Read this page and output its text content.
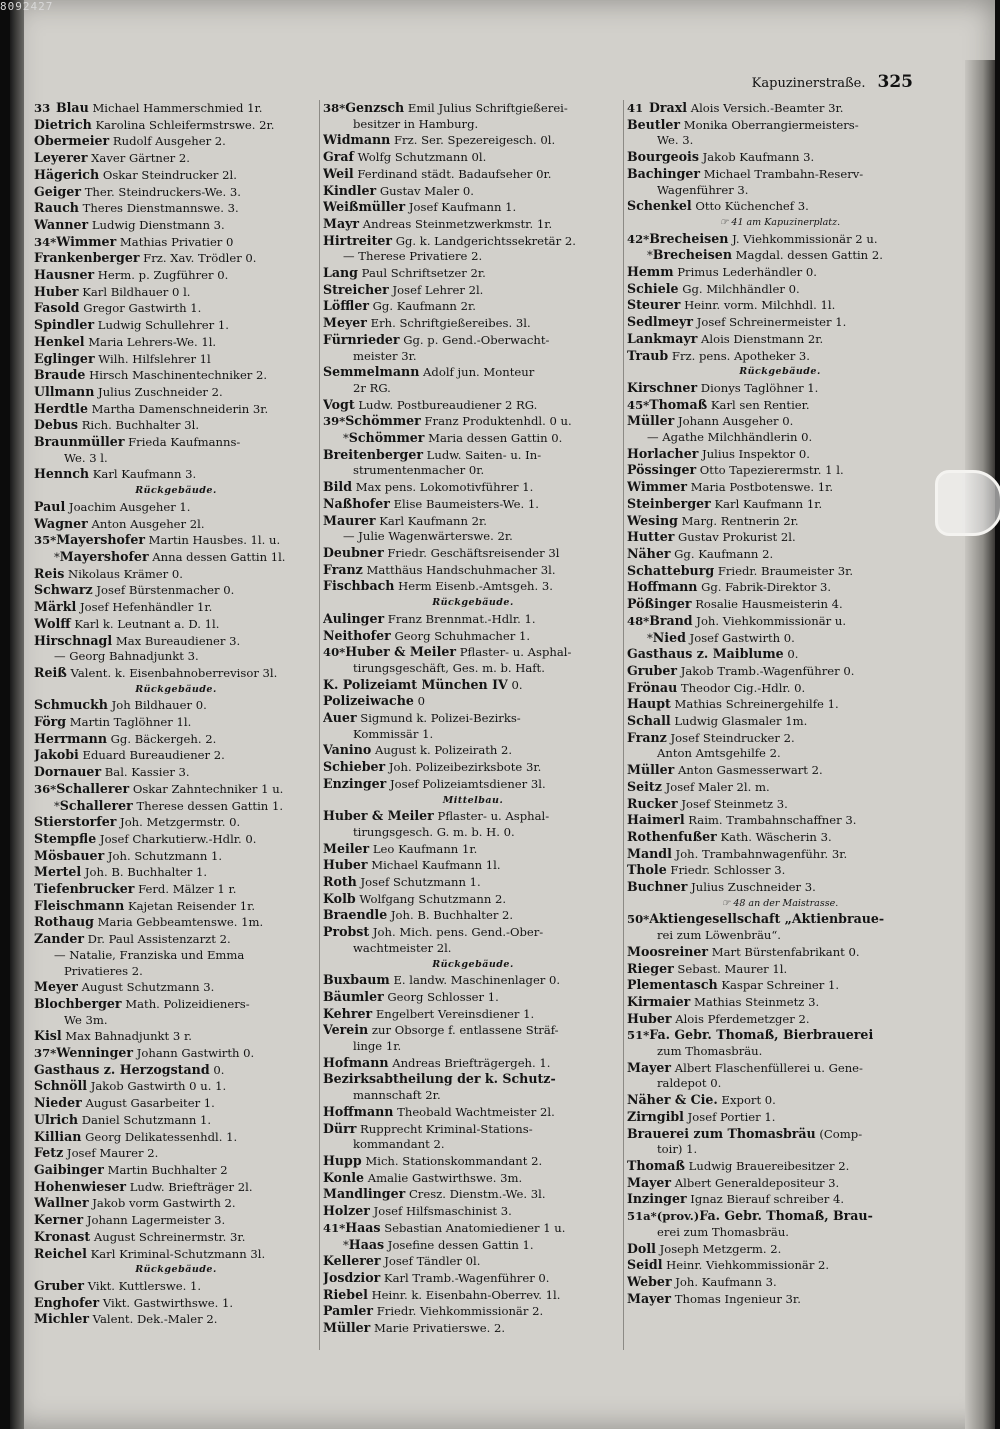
Kapuzinerstraße. 325
33 Blau Michael Hammerschmied 1r.
Dietrich Karolina Schleifermstrswe. 2r.
Obermeier Rudolf Ausgeher 2.
Leyerer Xaver Gärtner 2.
Hägerich Oskar Steindrucker 2l.
Geiger Ther. Steindruckers-We. 3.
Rauch Theres Dienstmannswe. 3.
Wanner Ludwig Dienstmann 3.
34*Wimmer Mathias Privatier 0
Frankenberger Frz. Xav. Trödler 0.
Hausner Herm. p. Zugführer 0.
Huber Karl Bildhauer 0 l.
Fasold Gregor Gastwirth 1.
Spindler Ludwig Schullehrer 1.
Henkel Maria Lehrers-We. 1l.
Eglinger Wilh. Hilfslehrer 1l
Braude Hirsch Maschinentechniker 2.
Ullmann Julius Zuschneider 2.
Herdtle Martha Damenschneiderin 3r.
Debus Rich. Buchhalter 3l.
Braunmüller Frieda Kaufmanns-
We. 3 l.
Hennch Karl Kaufmann 3.
Rückgebäude.
Paul Joachim Ausgeher 1.
Wagner Anton Ausgeher 2l.
35*Mayershofer Martin Hausbes. 1l. u.
*Mayershofer Anna dessen Gattin 1l.
Reis Nikolaus Krämer 0.
Schwarz Josef Bürstenmacher 0.
Märkl Josef Hefenhändler 1r.
Wolff Karl k. Leutnant a. D. 1l.
Hirschnagl Max Bureaudiener 3.
— Georg Bahnadjunkt 3.
Reiß Valent. k. Eisenbahnoberrevisor 3l.
Rückgebäude.
Schmuckh Joh Bildhauer 0.
Förg Martin Taglöhner 1l.
Herrmann Gg. Bäckergeh. 2.
Jakobi Eduard Bureaudiener 2.
Dornauer Bal. Kassier 3.
36*Schallerer Oskar Zahntechniker 1 u.
*Schallerer Therese dessen Gattin 1.
Stierstorfer Joh. Metzgermstr. 0.
Stempfle Josef Charkutierw.-Hdlr. 0.
Mösbauer Joh. Schutzmann 1.
Mertel Joh. B. Buchhalter 1.
Tiefenbrucker Ferd. Mälzer 1 r.
Fleischmann Kajetan Reisender 1r.
Rothaug Maria Gebbeamtenswe. 1m.
Zander Dr. Paul Assistenzarzt 2.
— Natalie, Franziska und Emma
Privatieres 2.
Meyer August Schutzmann 3.
Blochberger Math. Polizeidieners-
We 3m.
Kisl Max Bahnadjunkt 3 r.
37*Wenninger Johann Gastwirth 0.
Gasthaus z. Herzogstand 0.
Schnöll Jakob Gastwirth 0 u. 1.
Nieder August Gasarbeiter 1.
Ulrich Daniel Schutzmann 1.
Killian Georg Delikatessenhdl. 1.
Fetz Josef Maurer 2.
Gaibinger Martin Buchhalter 2
Hohenwieser Ludw. Briefträger 2l.
Wallner Jakob vorm Gastwirth 2.
Kerner Johann Lagermeister 3.
Kronast August Schreinermstr. 3r.
Reichel Karl Kriminal-Schutzmann 3l.
Rückgebäude.
Gruber Vikt. Kuttlerswe. 1.
Enghofer Vikt. Gastwirthswe. 1.
Michler Valent. Dek.-Maler 2.
38*Genzsch Emil Julius Schriftgießerei-
besitzer in Hamburg.
Widmann Frz. Ser. Spezereigesch. 0l.
Graf Wolfg Schutzmann 0l.
Weil Ferdinand städt. Badaufseher 0r.
Kindler Gustav Maler 0.
Weißmüller Josef Kaufmann 1.
Mayr Andreas Steinmetzwerkmstr. 1r.
Hirtreiter Gg. k. Landgerichtssekretär 2.
— Therese Privatiere 2.
Lang Paul Schriftsetzer 2r.
Streicher Josef Lehrer 2l.
Löffler Gg. Kaufmann 2r.
Meyer Erh. Schriftgießereibes. 3l.
Fürnrieder Gg. p. Gend.-Oberwacht-
meister 3r.
Semmelmann Adolf jun. Monteur
2r RG.
Vogt Ludw. Postbureaudiener 2 RG.
39*Schömmer Franz Produktenhdl. 0 u.
*Schömmer Maria dessen Gattin 0.
Breitenberger Ludw. Saiten- u. In-
strumentenmacher 0r.
Bild Max pens. Lokomotivführer 1.
Naßhofer Elise Baumeisters-We. 1.
Maurer Karl Kaufmann 2r.
— Julie Wagenwärterswe. 2r.
Deubner Friedr. Geschäftsreisender 3l
Franz Matthäus Handschuhmacher 3l.
Fischbach Herm Eisenb.-Amtsgeh. 3.
Rückgebäude.
Aulinger Franz Brennmat.-Hdlr. 1.
Neithofer Georg Schuhmacher 1.
40*Huber & Meiler Pflaster- u. Asphal-
tirungsgeschäft, Ges. m. b. Haft.
K. Polizeiamt München IV 0.
Polizeiwache 0
Auer Sigmund k. Polizei-Bezirks-
Kommissär 1.
Vanino August k. Polizeirath 2.
Schieber Joh. Polizeibezirksbote 3r.
Enzinger Josef Polizeiamtsdiener 3l.
Mittelbau.
Huber & Meiler Pflaster- u. Asphal-
tirungsgesch. G. m. b. H. 0.
Meiler Leo Kaufmann 1r.
Huber Michael Kaufmann 1l.
Roth Josef Schutzmann 1.
Kolb Wolfgang Schutzmann 2.
Braendle Joh. B. Buchhalter 2.
Probst Joh. Mich. pens. Gend.-Ober-
wachtmeister 2l.
Rückgebäude.
Buxbaum E. landw. Maschinenlager 0.
Bäumler Georg Schlosser 1.
Kehrer Engelbert Vereinsdiener 1.
Verein zur Obsorge f. entlassene Sträf-
linge 1r.
Hofmann Andreas Briefträgergeh. 1.
Bezirksabtheilung der k. Schutz-
mannschaft 2r.
Hoffmann Theobald Wachtmeister 2l.
Dürr Rupprecht Kriminal-Stations-
kommandant 2.
Hupp Mich. Stationskommandant 2.
Konle Amalie Gastwirthswe. 3m.
Mandlinger Cresz. Dienstm.-We. 3l.
Holzer Josef Hilfsmaschinist 3.
41*Haas Sebastian Anatomiediener 1 u.
*Haas Josefine dessen Gattin 1.
Kellerer Josef Tändler 0l.
Josdzior Karl Tramb.-Wagenführer 0.
Riebel Heinr. k. Eisenbahn-Oberrev. 1l.
Pamler Friedr. Viehkommissionär 2.
Müller Marie Privatierswe. 2.
41 Draxl Alois Versich.-Beamter 3r.
Beutler Monika Oberrangiermeisters-
We. 3.
Bourgeois Jakob Kaufmann 3.
Bachinger Michael Trambahn-Reserv-
Wagenführer 3.
Schenkel Otto Küchenchef 3.
☞ 41 am Kapuzinerplatz.
42*Brecheisen J. Viehkommissionär 2 u.
*Brecheisen Magdal. dessen Gattin 2.
Hemm Primus Lederhändler 0.
Schiele Gg. Milchhändler 0.
Steurer Heinr. vorm. Milchhdl. 1l.
Sedlmeyr Josef Schreinermeister 1.
Lankmayr Alois Dienstmann 2r.
Traub Frz. pens. Apotheker 3.
Rückgebäude.
Kirschner Dionys Taglöhner 1.
45*Thomaß Karl sen Rentier.
Müller Johann Ausgeher 0.
— Agathe Milchhändlerin 0.
Horlacher Julius Inspektor 0.
Pössinger Otto Tapezierermstr. 1 l.
Wimmer Maria Postbotenswe. 1r.
Steinberger Karl Kaufmann 1r.
Wesing Marg. Rentnerin 2r.
Hutter Gustav Prokurist 2l.
Näher Gg. Kaufmann 2.
Schatteburg Friedr. Braumeister 3r.
Hoffmann Gg. Fabrik-Direktor 3.
Pößinger Rosalie Hausmeisterin 4.
48*Brand Joh. Viehkommissionär u.
*Nied Josef Gastwirth 0.
Gasthaus z. Maiblume 0.
Gruber Jakob Tramb.-Wagenführer 0.
Frönau Theodor Cig.-Hdlr. 0.
Haupt Mathias Schreinergehilfe 1.
Schall Ludwig Glasmaler 1m.
Franz Josef Steindrucker 2.
Anton Amtsgehilfe 2.
Müller Anton Gasmesserwart 2.
Seitz Josef Maler 2l. m.
Rucker Josef Steinmetz 3.
Haimerl Raim. Trambahnschaffner 3.
Rothenfußer Kath. Wäscherin 3.
Mandl Joh. Trambahnwagenführ. 3r.
Thole Friedr. Schlosser 3.
Buchner Julius Zuschneider 3.
☞ 48 an der Maistrasse.
50*Aktiengesellschaft „Aktienbraue-
rei zum Löwenbräu“.
Moosreiner Mart Bürstenfabrikant 0.
Rieger Sebast. Maurer 1l.
Plementasch Kaspar Schreiner 1.
Kirmaier Mathias Steinmetz 3.
Huber Alois Pferdemetzger 2.
51*Fa. Gebr. Thomaß, Bierbrauerei
zum Thomasbräu.
Mayer Albert Flaschenfüllerei u. Gene-
raldepot 0.
Näher & Cie. Export 0.
Zirngibl Josef Portier 1.
Brauerei zum Thomasbräu (Comp-
toir) 1.
Thomaß Ludwig Brauereibesitzer 2.
Mayer Albert Generaldepositeur 3.
Inzinger Ignaz Bierauf schreiber 4.
51a*(prov.)Fa. Gebr. Thomaß, Brau-
erei zum Thomasbräu.
Doll Joseph Metzgerm. 2.
Seidl Heinr. Viehkommissionär 2.
Weber Joh. Kaufmann 3.
Mayer Thomas Ingenieur 3r.
8092427
